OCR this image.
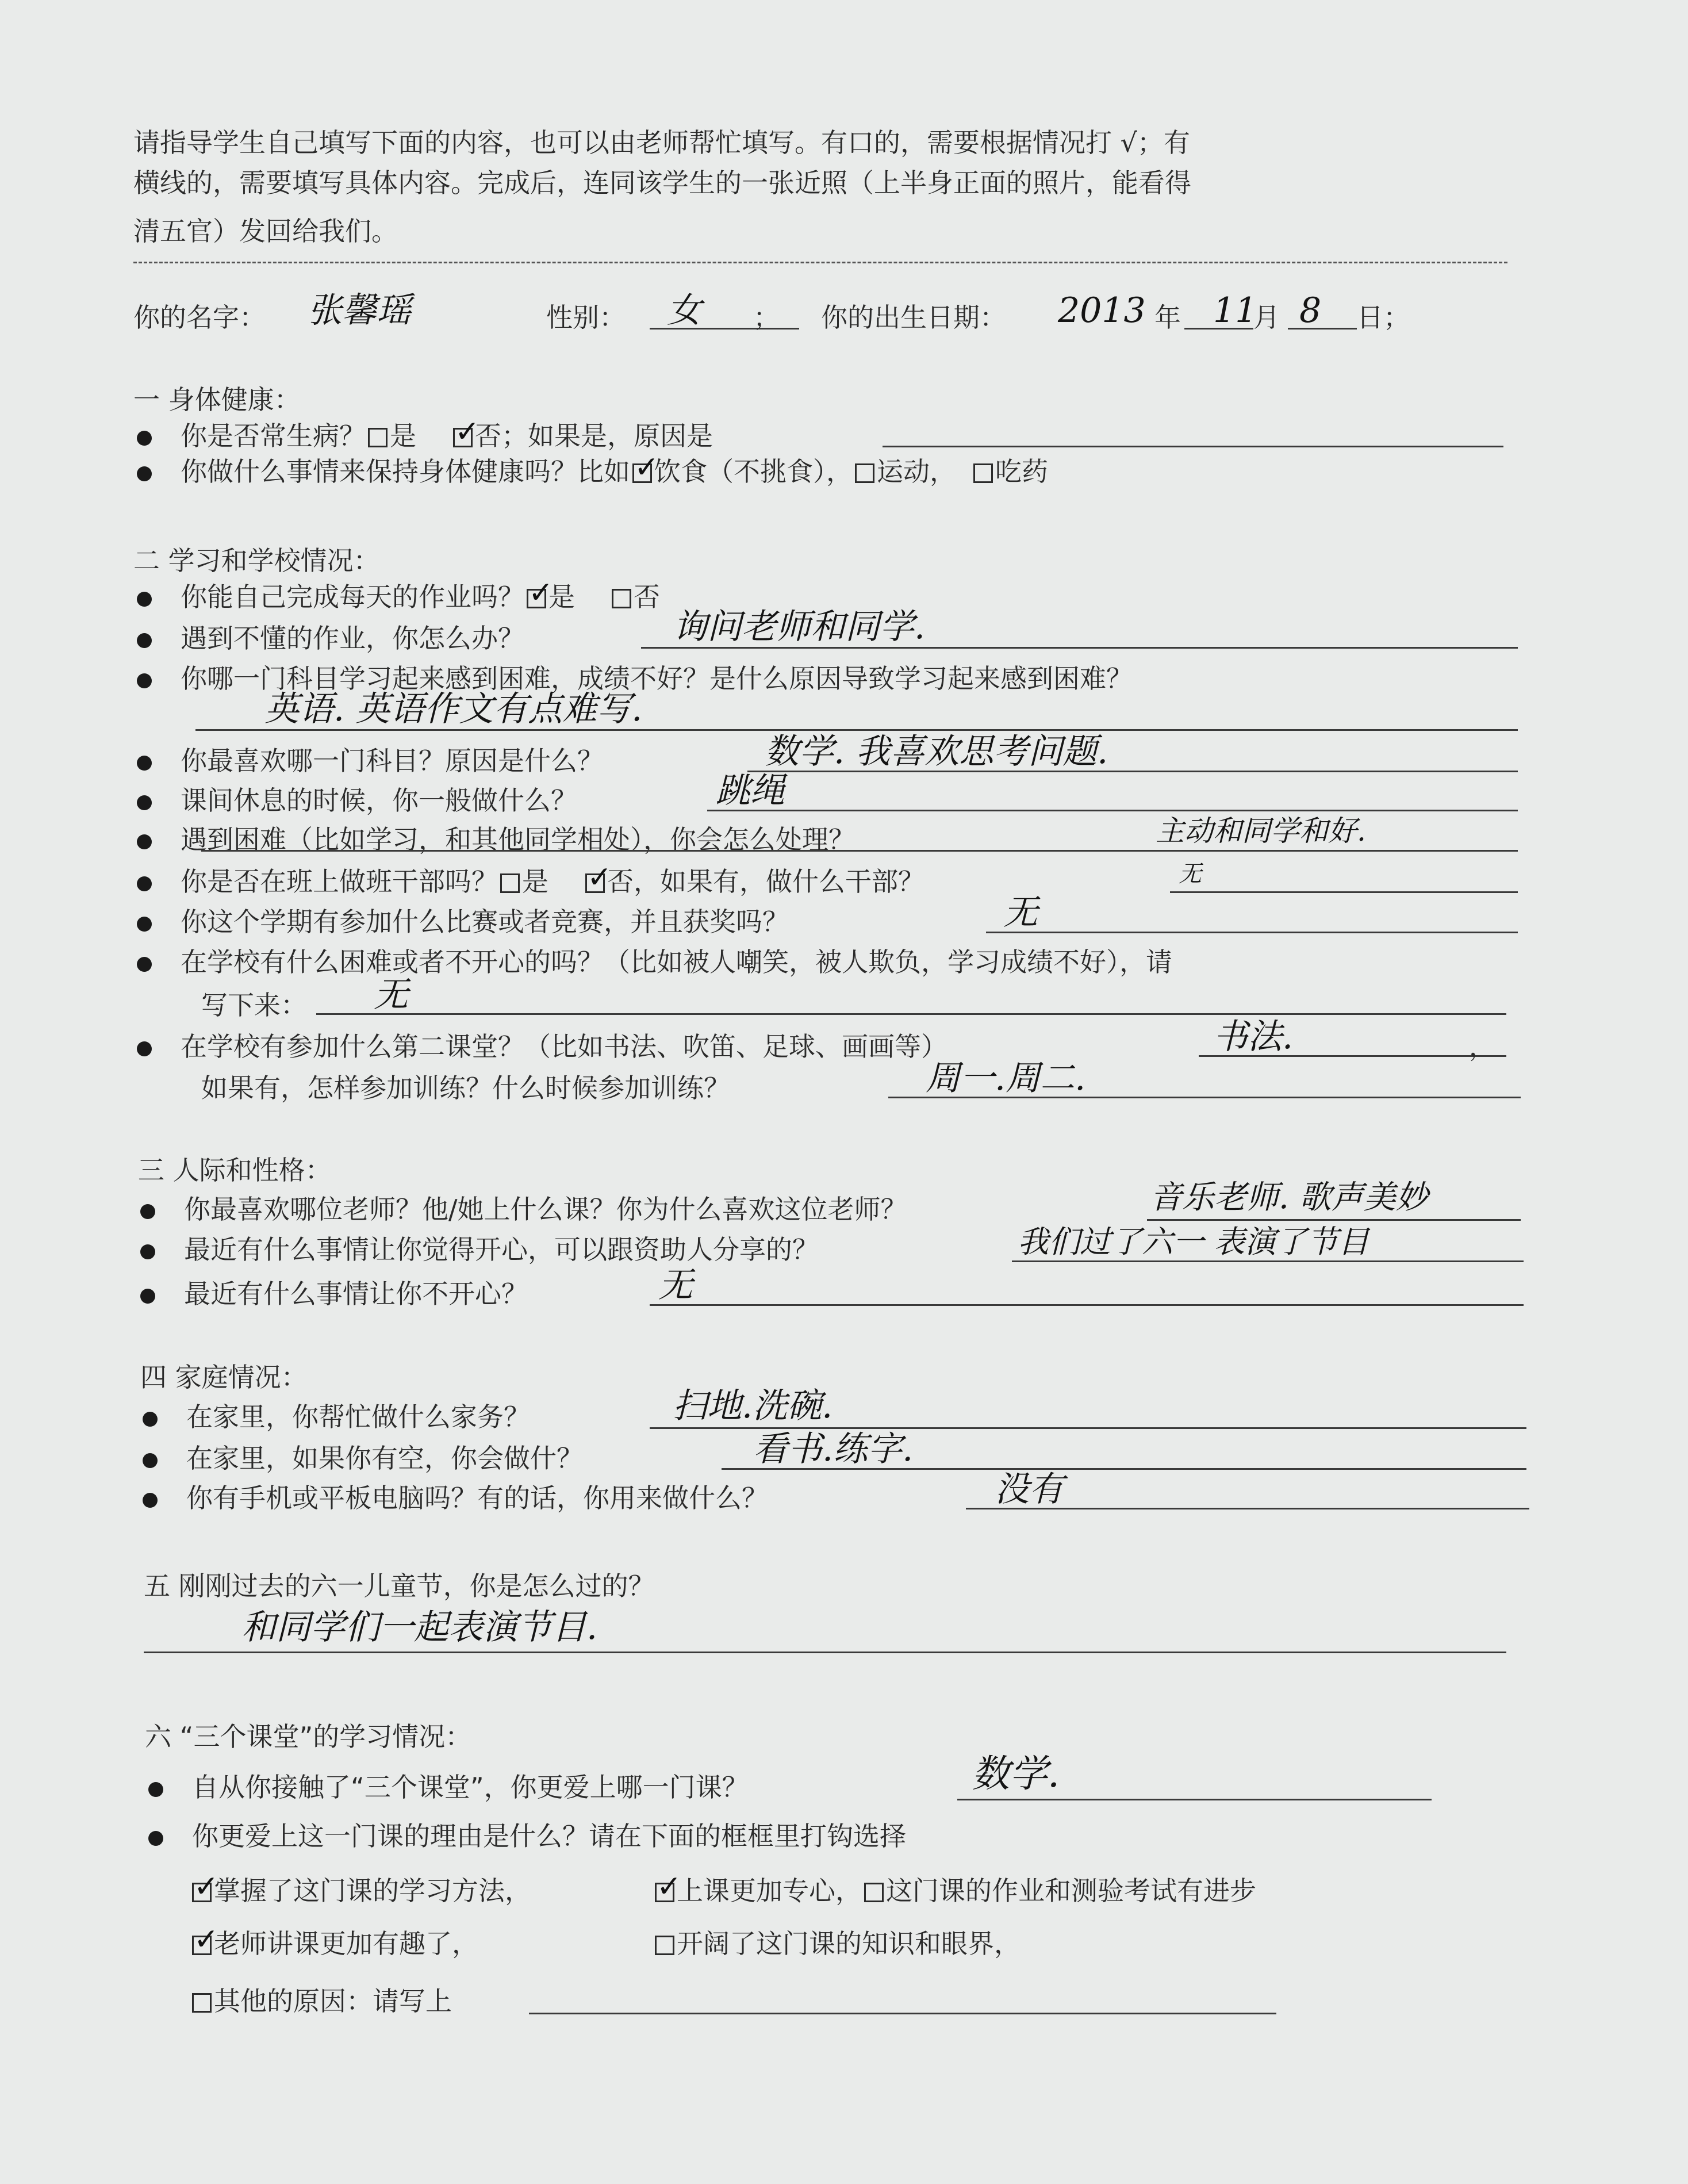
请指导学生自己填写下面的内容，也可以由老师帮忙填写。有口的，需要根据情况打 √；有
横线的，需要填写具体内容。完成后，连同该学生的一张近照（上半身正面的照片，能看得
清五官）发回给我们。
你的名字： 张馨瑶	性别： 女 ； 你的出生日期： 2013 年 11
月 8 日；
一 身体健康：
你是否常生病？ 是 ✓ 否；如果是，原因是
你做什么事情来保持身体健康吗？比如 ✓ 饮食（不挑食）， 运动， 吃药
二 学习和学校情况：
你能自己完成每天的作业吗？ ✓ 是 否
遇到不懂的作业，你怎么办？	询问老师和同学.
你哪一门科目学习起来感到困难，成绩不好？是什么原因导致学习起来感到困难？
英语. 英语作文有点难写.
你最喜欢哪一门科目？原因是什么？	数学. 我喜欢思考问题.
课间休息的时候，你一般做什么？	跳绳
遇到困难（比如学习，和其他同学相处），你会怎么处理？	主动和同学和好.
你是否在班上做班干部吗？ 是 ✓ 否，如果有，做什么干部？	无
你这个学期有参加什么比赛或者竞赛，并且获奖吗？	无
在学校有什么困难或者不开心的吗？（比如被人嘲笑，被人欺负，学习成绩不好），请
写下来： 无
在学校有参加什么第二课堂？（比如书法、吹笛、足球、画画等）	书法.	，
如果有，怎样参加训练？什么时候参加训练？	周一.周二.
三 人际和性格：
你最喜欢哪位老师？他/她上什么课？你为什么喜欢这位老师？	音乐老师. 歌声美妙
最近有什么事情让你觉得开心，可以跟资助人分享的？	我们过了六一 表演了节目
最近有什么事情让你不开心？	无
四 家庭情况：
在家里，你帮忙做什么家务？	扫地.洗碗.
在家里，如果你有空，你会做什？	看书.练字.
你有手机或平板电脑吗？有的话，你用来做什么？	没有
五 刚刚过去的六一儿童节，你是怎么过的？
和同学们一起表演节目.
六 “三个课堂”的学习情况：
自从你接触了“三个课堂”，你更爱上哪一门课？	数学.
你更爱上这一门课的理由是什么？请在下面的框框里打钩选择
✓掌握了这门课的学习方法， ✓	上课更加专心， 这门课的作业和测验考试有进步
✓老师讲课更加有趣了，	开阔了这门课的知识和眼界，
其他的原因：请写上
